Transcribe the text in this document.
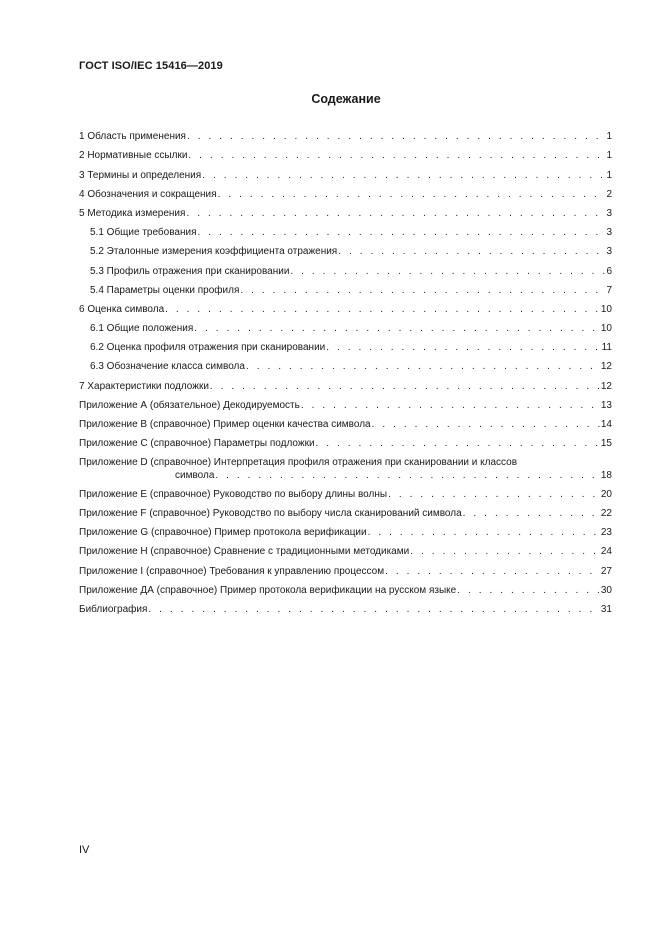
ГОСТ ISO/IEC 15416—2019
Содежание
1 Область применения . . .	1
2 Нормативные ссылки . . .	1
3 Термины и определения . . .	1
4 Обозначения и сокращения . . .	2
5 Методика измерения . . .	3
5.1 Общие требования . . .	3
5.2 Эталонные измерения коэффициента отражения . . .	3
5.3 Профиль отражения при сканировании . . .	6
5.4 Параметры оценки профиля . . .	7
6 Оценка символа . . .	10
6.1 Общие положения . . .	10
6.2 Оценка профиля отражения при сканировании . . .	11
6.3 Обозначение класса символа . . .	12
7 Характеристики подложки . . .	12
Приложение А (обязательное) Декодируемость . . .	13
Приложение В (справочное) Пример оценки качества символа . . .	14
Приложение С (справочное) Параметры подложки . . .	15
Приложение D (справочное) Интерпретация профиля отражения при сканировании и классов
символа . . .	18
Приложение Е (справочное) Руководство по выбору длины волны . . .	20
Приложение F (справочное) Руководство по выбору числа сканирований символа . . .	22
Приложение G (справочное) Пример протокола верификации . . .	23
Приложение Н (справочное) Сравнение с традиционными методиками . . .	24
Приложение I (справочное) Требования к управлению процессом . . .	27
Приложение ДА (справочное) Пример протокола верификации на русском языке . . .	30
Библиография . . .	31
IV
